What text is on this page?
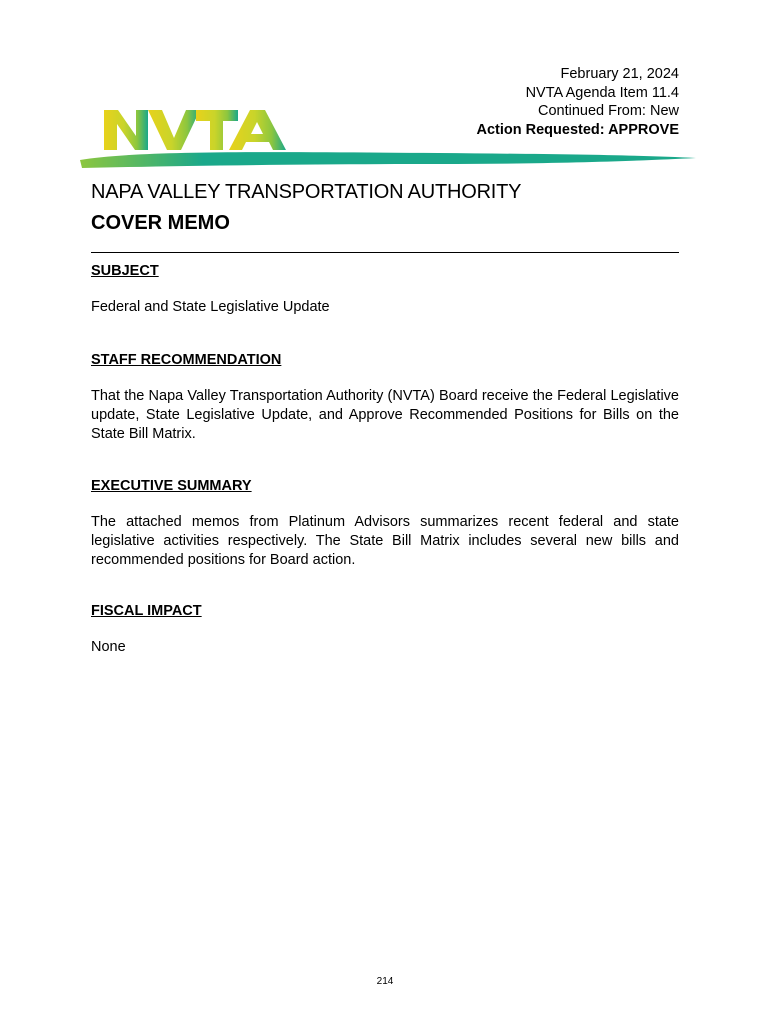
February 21, 2024
NVTA Agenda Item 11.4
Continued From: New
Action Requested: APPROVE
NAPA VALLEY TRANSPORTATION AUTHORITY
COVER MEMO
SUBJECT
Federal and State Legislative Update
STAFF RECOMMENDATION
That the Napa Valley Transportation Authority (NVTA) Board receive the Federal Legislative update, State Legislative Update, and Approve Recommended Positions for Bills on the State Bill Matrix.
EXECUTIVE SUMMARY
The attached memos from Platinum Advisors summarizes recent federal and state legislative activities respectively. The State Bill Matrix includes several new bills and recommended positions for Board action.
FISCAL IMPACT
None
214
